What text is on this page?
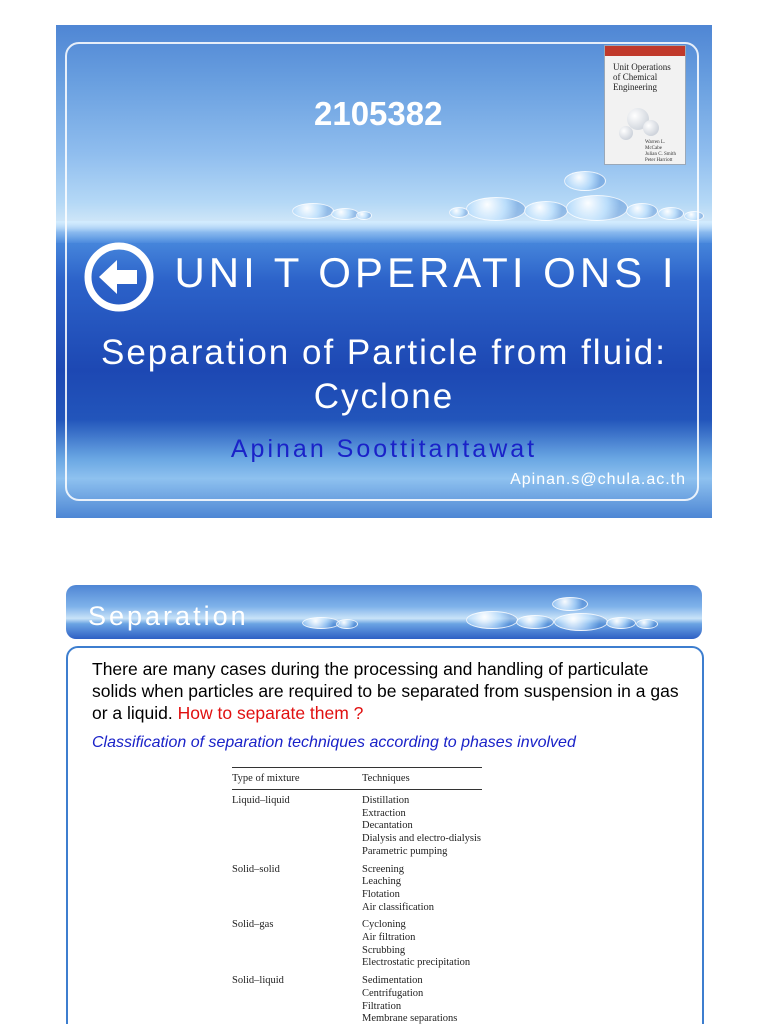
2105382
Unit Operations
of Chemical
Engineering
Warren L. McCabe
Julian C. Smith
Peter Harriott
UNI T OPERATI ONS I
Separation of Particle from fluid: Cyclone
Apinan Soottitantawat
Apinan.s@chula.ac.th
Separation
There are many cases during the processing and handling of particulate solids when particles are required to be separated from suspension in a gas or a liquid. How to separate them ?
Classification of separation techniques according to phases involved
Type of mixture	Techniques
Liquid–liquid	Distillation
Extraction
Decantation
Dialysis and electro-dialysis
Parametric pumping

Solid–solid	Screening
Leaching
Flotation
Air classification

Solid–gas	Cycloning
Air filtration
Scrubbing
Electrostatic precipitation

Solid–liquid	Sedimentation
Centrifugation
Filtration
Membrane separations
